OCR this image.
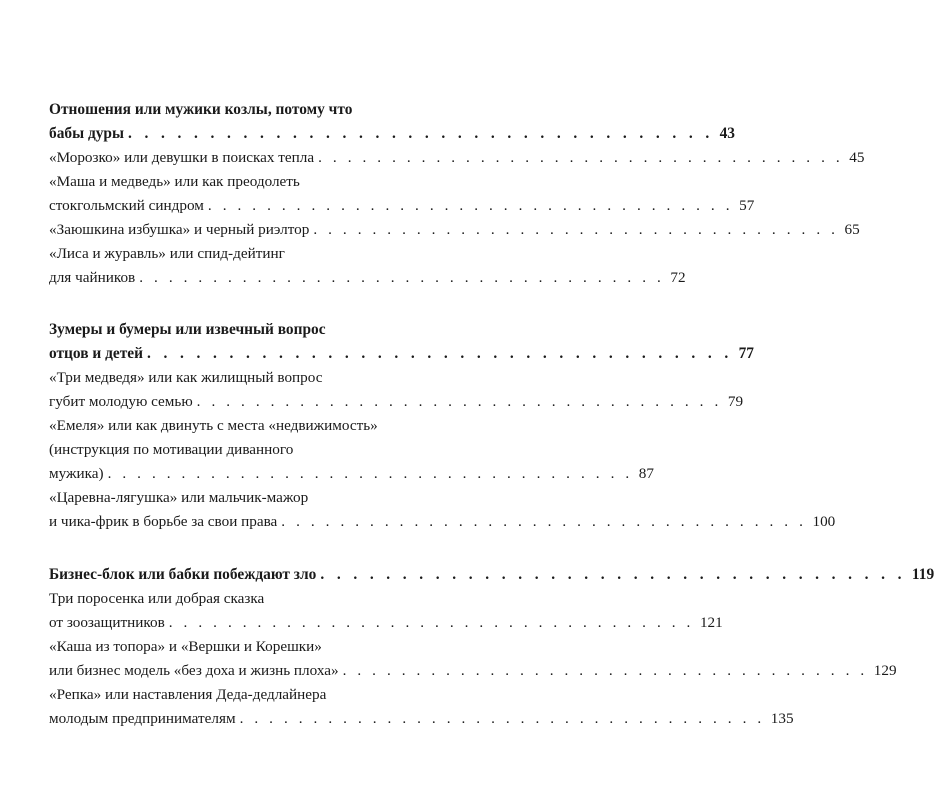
Отношения или мужики козлы, потому что
бабы дуры . . . . . . . . . . . . . . . . . . . . . . . . . . . . . . . . . . . . 43
«Морозко» или девушки в поисках тепла . . . . . . . . . . . . . . . . . . . . . . . . . . . . . . . . . . . . 45
«Маша и медведь» или как преодолеть
стокгольмский синдром . . . . . . . . . . . . . . . . . . . . . . . . . . . . . . . . . . . . 57
«Заюшкина избушка» и черный риэлтор . . . . . . . . . . . . . . . . . . . . . . . . . . . . . . . . . . . . 65
«Лиса и журавль» или спид-дейтинг
для чайников . . . . . . . . . . . . . . . . . . . . . . . . . . . . . . . . . . . . 72
Зумеры и бумеры или извечный вопрос
отцов и детей . . . . . . . . . . . . . . . . . . . . . . . . . . . . . . . . . . . . 77
«Три медведя» или как жилищный вопрос
губит молодую семью . . . . . . . . . . . . . . . . . . . . . . . . . . . . . . . . . . . . 79
«Емеля» или как двинуть с места «недвижимость»
(инструкция по мотивации диванного
мужика) . . . . . . . . . . . . . . . . . . . . . . . . . . . . . . . . . . . . 87
«Царевна-лягушка» или мальчик-мажор
и чика-фрик в борьбе за свои права . . . . . . . . . . . . . . . . . . . . . . . . . . . . . . . . . . . . 100
Бизнес-блок или бабки побеждают зло . . . . . . . . . . . . . . . . . . . . . . . . . . . . . . . . . . . . 119
Три поросенка или добрая сказка
от зоозащитников . . . . . . . . . . . . . . . . . . . . . . . . . . . . . . . . . . . . 121
«Каша из топора» и «Вершки и Корешки»
или бизнес модель «без доха и жизнь плоха» . . . . . . . . . . . . . . . . . . . . . . . . . . . . . . . . . . . . 129
«Репка» или наставления Деда-дедлайнера
молодым предпринимателям . . . . . . . . . . . . . . . . . . . . . . . . . . . . . . . . . . . . 135
